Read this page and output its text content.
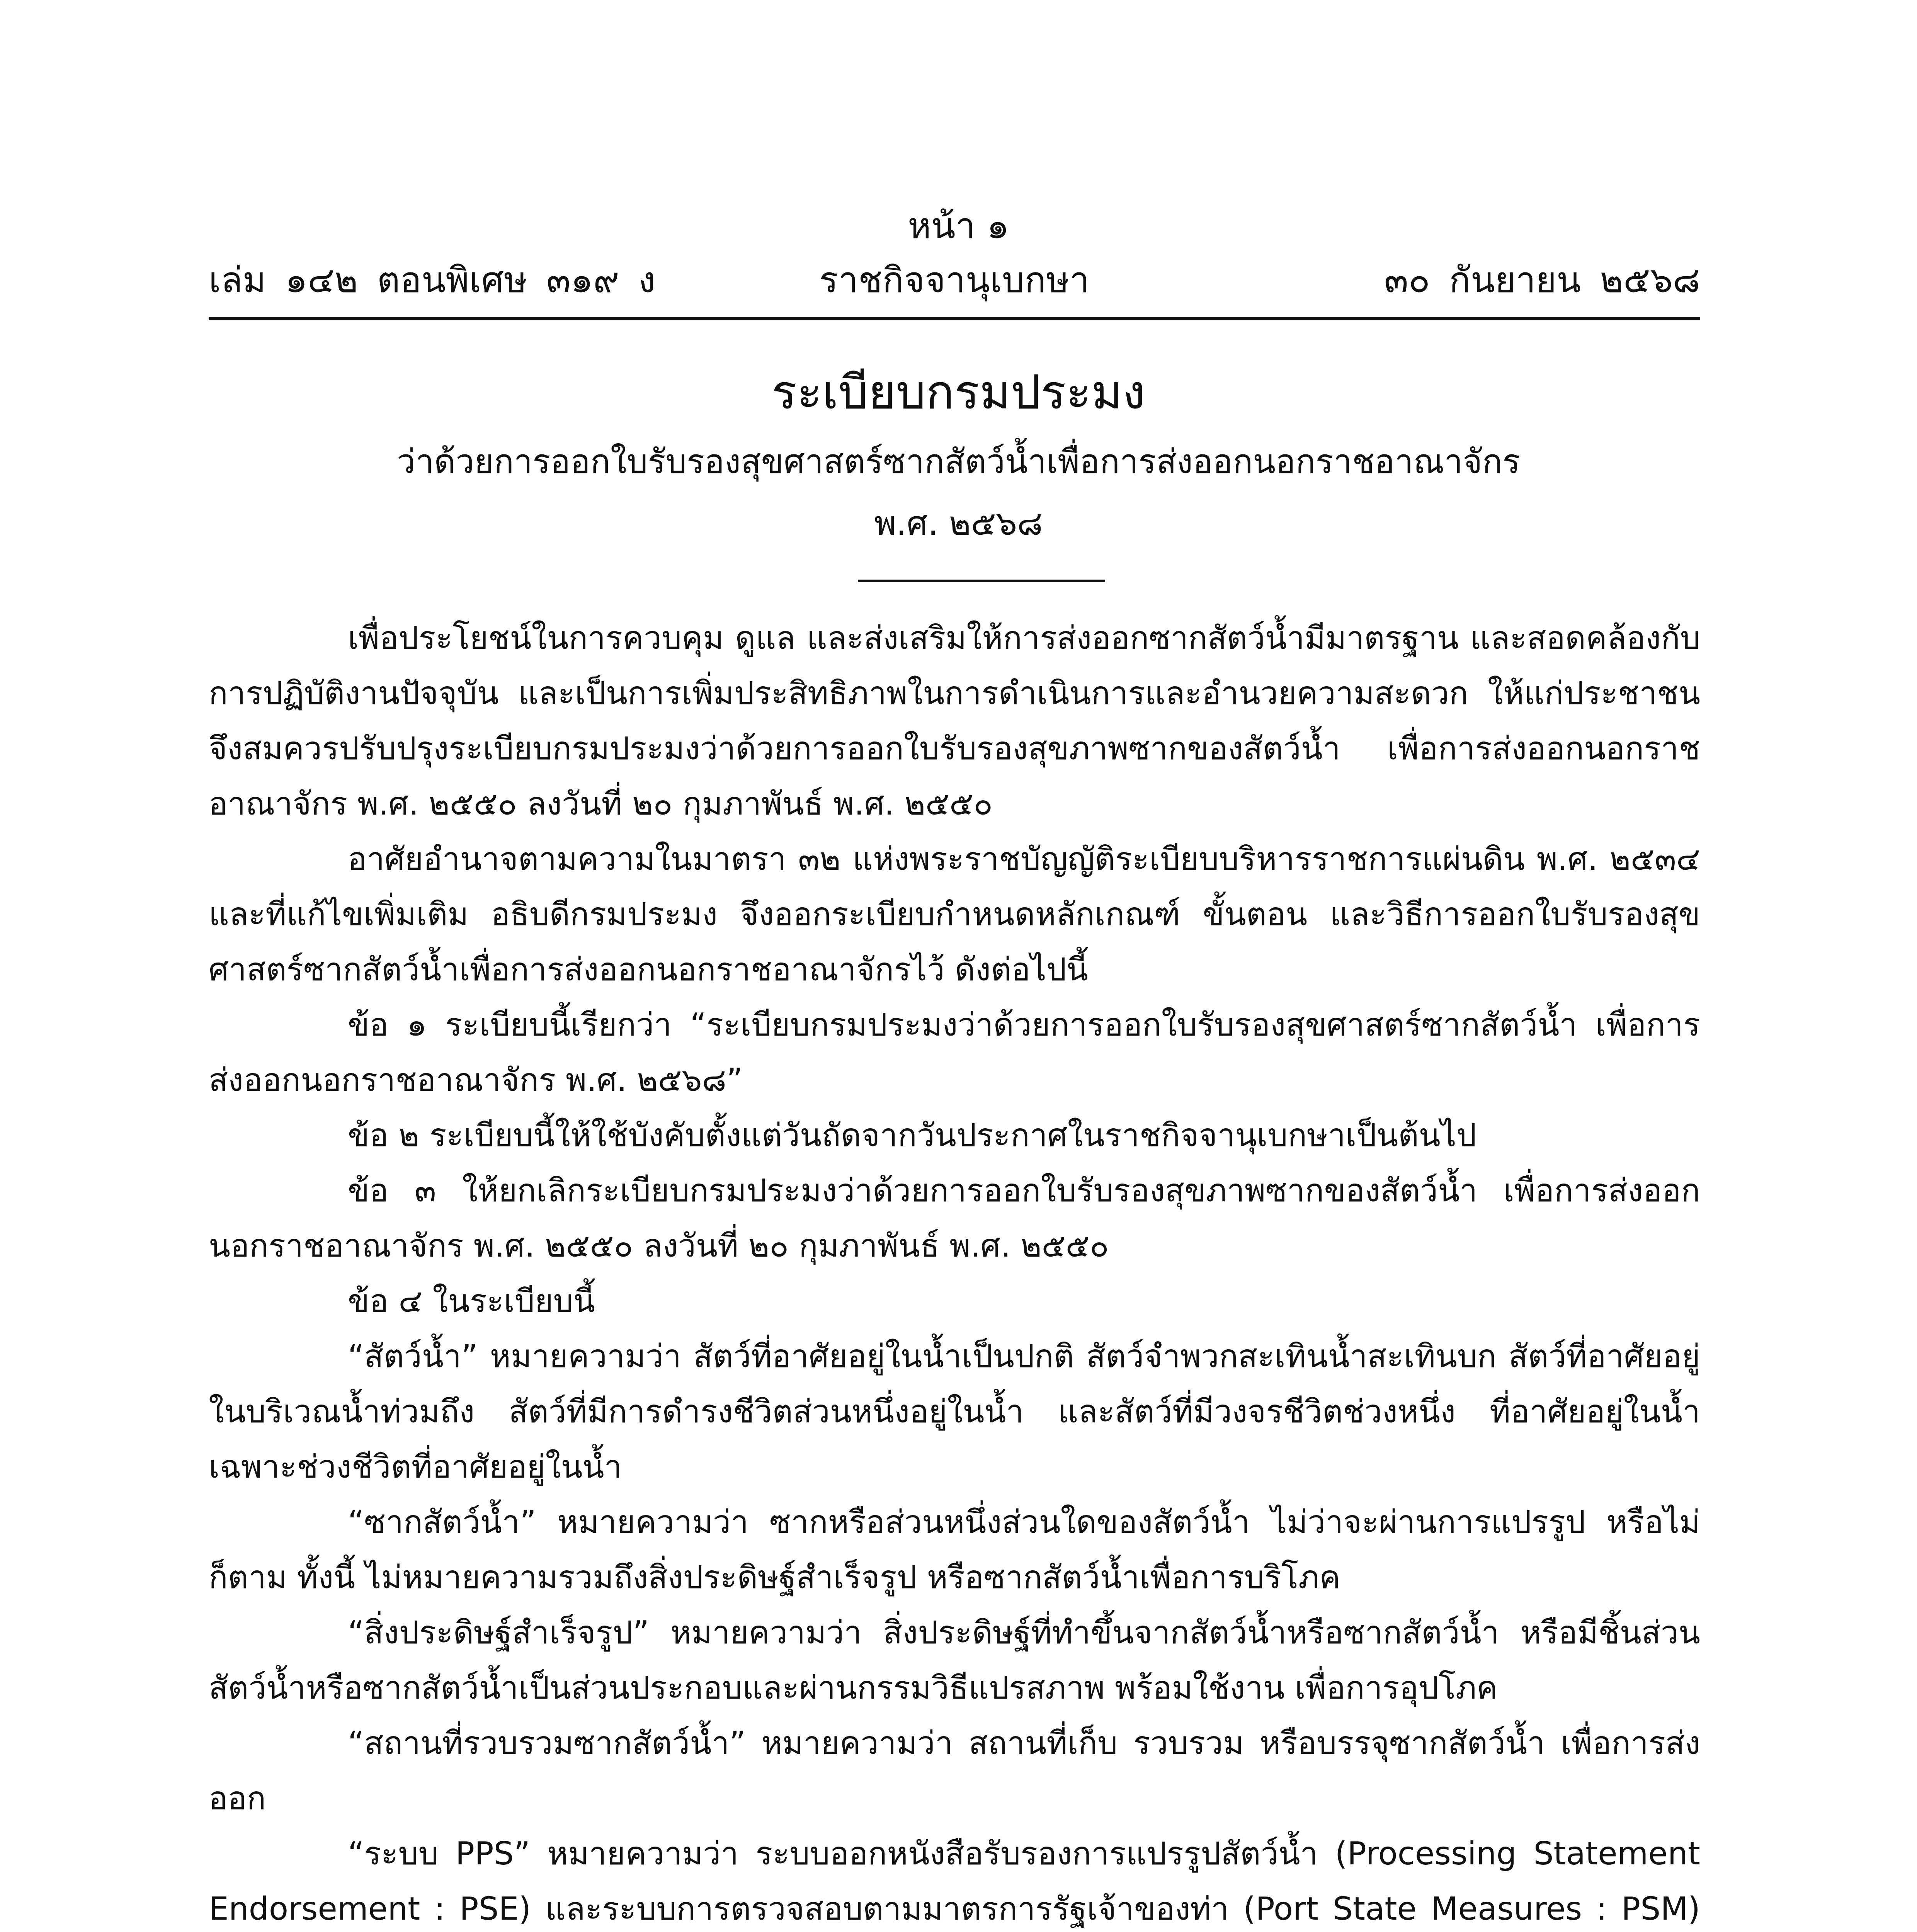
หน้า ๑
เล่ม ๑๔๒ ตอนพิเศษ ๓๑๙ ง	ราชกิจจานุเบกษา	๓๐ กันยายน ๒๕๖๘
ระเบียบกรมประมง
ว่าด้วยการออกใบรับรองสุขศาสตร์ซากสัตว์น้ำเพื่อการส่งออกนอกราชอาณาจักร
พ.ศ. ๒๕๖๘

เพื่อประโยชน์ในการควบคุม ดูแล และส่งเสริมให้การส่งออกซากสัตว์น้ำมีมาตรฐาน และสอดคล้องกับการปฏิบัติงานปัจจุบัน และเป็นการเพิ่มประสิทธิภาพในการดำเนินการและอำนวยความสะดวก ให้แก่ประชาชน จึงสมควรปรับปรุงระเบียบกรมประมงว่าด้วยการออกใบรับรองสุขภาพซากของสัตว์น้ำ เพื่อการส่งออกนอกราชอาณาจักร พ.ศ. ๒๕๕๐ ลงวันที่ ๒๐ กุมภาพันธ์ พ.ศ. ๒๕๕๐

อาศัยอำนาจตามความในมาตรา ๓๒ แห่งพระราชบัญญัติระเบียบบริหารราชการแผ่นดิน พ.ศ. ๒๕๓๔ และที่แก้ไขเพิ่มเติม อธิบดีกรมประมง จึงออกระเบียบกำหนดหลักเกณฑ์ ขั้นตอน และวิธีการออกใบรับรองสุขศาสตร์ซากสัตว์น้ำเพื่อการส่งออกนอกราชอาณาจักรไว้ ดังต่อไปนี้

ข้อ ๑ ระเบียบนี้เรียกว่า “ระเบียบกรมประมงว่าด้วยการออกใบรับรองสุขศาสตร์ซากสัตว์น้ำ เพื่อการส่งออกนอกราชอาณาจักร พ.ศ. ๒๕๖๘”

ข้อ ๒ ระเบียบนี้ให้ใช้บังคับตั้งแต่วันถัดจากวันประกาศในราชกิจจานุเบกษาเป็นต้นไป

ข้อ ๓ ให้ยกเลิกระเบียบกรมประมงว่าด้วยการออกใบรับรองสุขภาพซากของสัตว์น้ำ เพื่อการส่งออกนอกราชอาณาจักร พ.ศ. ๒๕๕๐ ลงวันที่ ๒๐ กุมภาพันธ์ พ.ศ. ๒๕๕๐

ข้อ ๔ ในระเบียบนี้

“สัตว์น้ำ” หมายความว่า สัตว์ที่อาศัยอยู่ในน้ำเป็นปกติ สัตว์จำพวกสะเทินน้ำสะเทินบก สัตว์ที่อาศัยอยู่ในบริเวณน้ำท่วมถึง สัตว์ที่มีการดำรงชีวิตส่วนหนึ่งอยู่ในน้ำ และสัตว์ที่มีวงจรชีวิตช่วงหนึ่ง ที่อาศัยอยู่ในน้ำเฉพาะช่วงชีวิตที่อาศัยอยู่ในน้ำ

“ซากสัตว์น้ำ” หมายความว่า ซากหรือส่วนหนึ่งส่วนใดของสัตว์น้ำ ไม่ว่าจะผ่านการแปรรูป หรือไม่ก็ตาม ทั้งนี้ ไม่หมายความรวมถึงสิ่งประดิษฐ์สำเร็จรูป หรือซากสัตว์น้ำเพื่อการบริโภค

“สิ่งประดิษฐ์สำเร็จรูป” หมายความว่า สิ่งประดิษฐ์ที่ทำขึ้นจากสัตว์น้ำหรือซากสัตว์น้ำ หรือมีชิ้นส่วนสัตว์น้ำหรือซากสัตว์น้ำเป็นส่วนประกอบและผ่านกรรมวิธีแปรสภาพ พร้อมใช้งาน เพื่อการอุปโภค

“สถานที่รวบรวมซากสัตว์น้ำ” หมายความว่า สถานที่เก็บ รวบรวม หรือบรรจุซากสัตว์น้ำ เพื่อการส่งออก

“ระบบ PPS” หมายความว่า ระบบออกหนังสือรับรองการแปรรูปสัตว์น้ำ (Processing Statement Endorsement : PSE) และระบบการตรวจสอบตามมาตรการรัฐเจ้าของท่า (Port State Measures : PSM)
